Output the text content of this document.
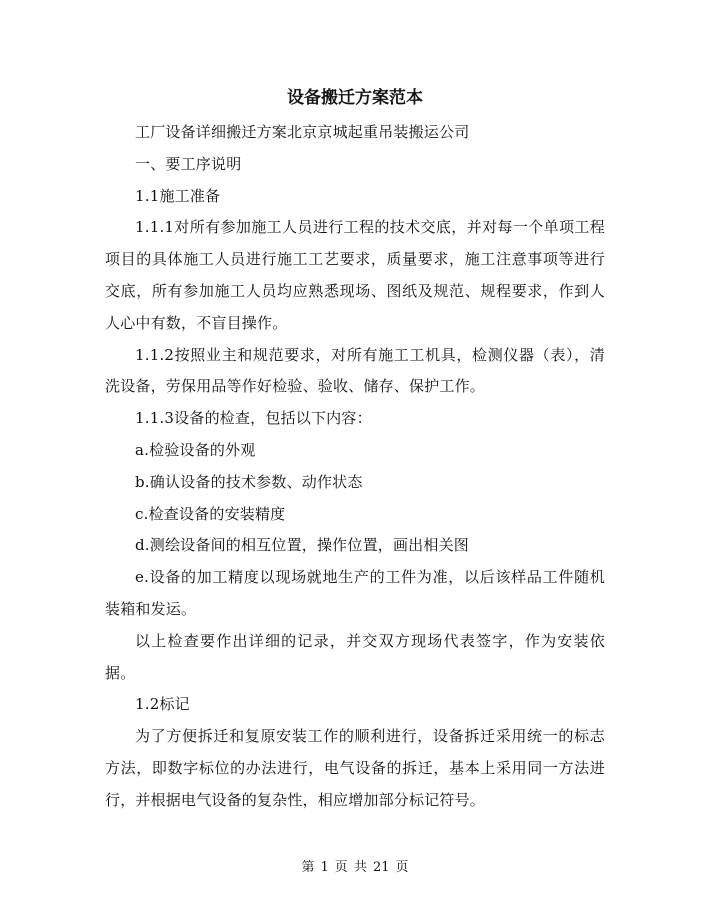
设备搬迁方案范本

工厂设备详细搬迁方案北京京城起重吊装搬运公司

一、要工序说明

1.1施工准备

1.1.1对所有参加施工人员进行工程的技术交底，并对每一个单项工程项目的具体施工人员进行施工工艺要求，质量要求，施工注意事项等进行交底，所有参加施工人员均应熟悉现场、图纸及规范、规程要求，作到人人心中有数，不盲目操作。

1.1.2按照业主和规范要求，对所有施工工机具，检测仪器（表），清洗设备，劳保用品等作好检验、验收、储存、保护工作。

1.1.3设备的检查，包括以下内容：

a.检验设备的外观

b.确认设备的技术参数、动作状态

c.检查设备的安装精度

d.测绘设备间的相互位置，操作位置，画出相关图

e.设备的加工精度以现场就地生产的工件为准，以后该样品工件随机装箱和发运。

以上检查要作出详细的记录，并交双方现场代表签字，作为安装依据。

1.2标记

为了方便拆迁和复原安装工作的顺利进行，设备拆迁采用统一的标志方法，即数字标位的办法进行，电气设备的拆迁，基本上采用同一方法进行，并根据电气设备的复杂性，相应增加部分标记符号。

第 1 页 共 21 页
